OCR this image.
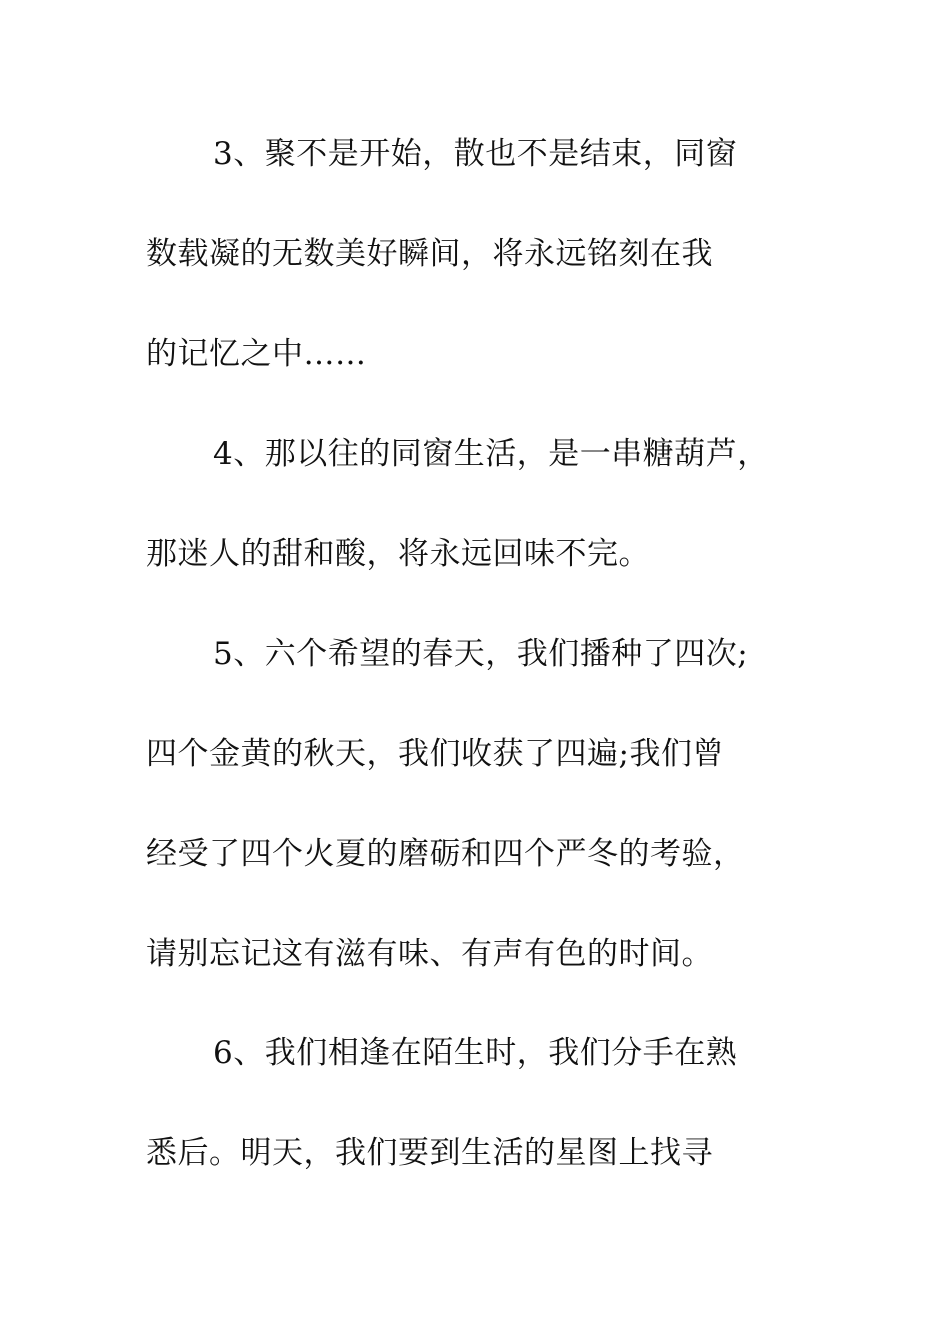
3、聚不是开始，散也不是结束，同窗
数载凝的无数美好瞬间，将永远铭刻在我
的记忆之中……
4、那以往的同窗生活，是一串糖葫芦，
那迷人的甜和酸，将永远回味不完。
5、六个希望的春天，我们播种了四次;
四个金黄的秋天，我们收获了四遍;我们曾
经受了四个火夏的磨砺和四个严冬的考验，
请别忘记这有滋有味、有声有色的时间。
6、我们相逢在陌生时，我们分手在熟
悉后。明天，我们要到生活的星图上找寻
